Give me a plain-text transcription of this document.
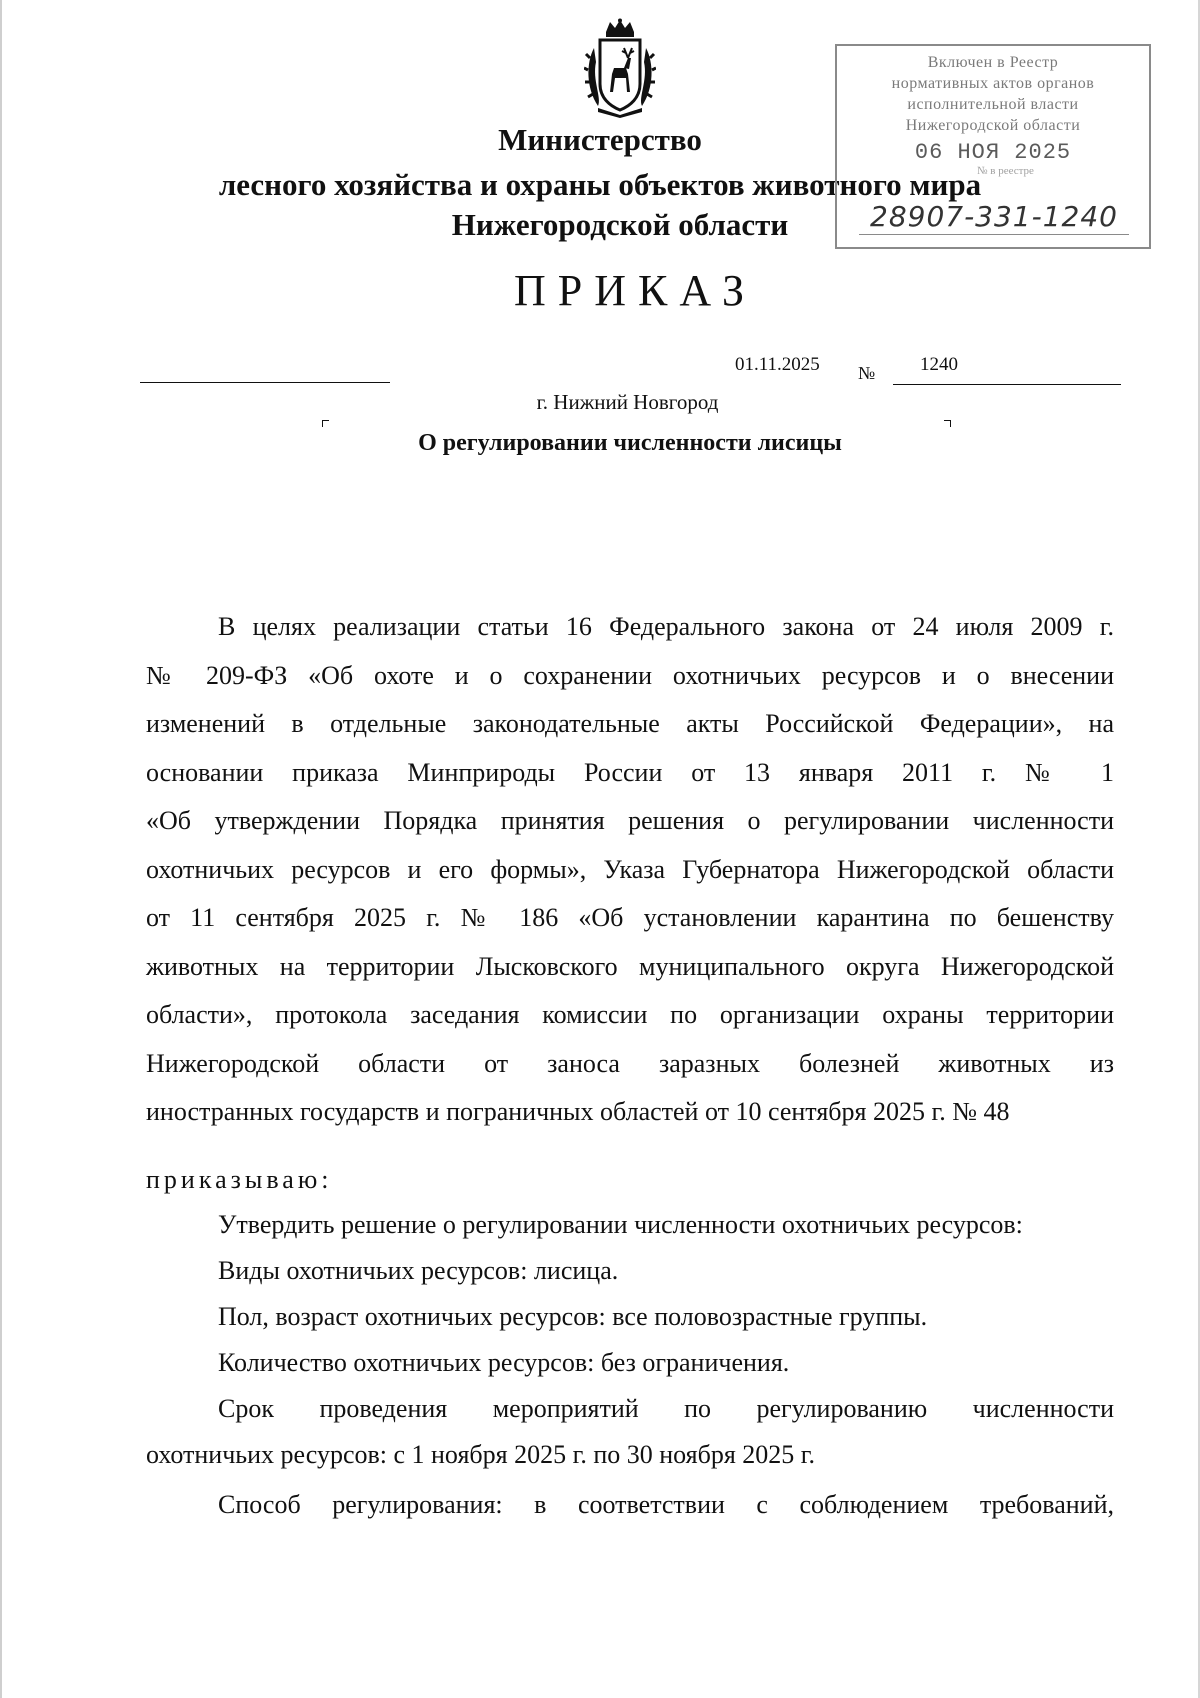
Министерство
лесного хозяйства и охраны объектов животного мира
Нижегородской области
Включен в Реестр
нормативных актов органов
исполнительной власти
Нижегородской области
06 НОЯ 2025
№ в реестре
28907-331-1240
ПРИКАЗ
01.11.2025 № 1240
г. Нижний Новгород
О регулировании численности лисицы
В целях реализации статьи 16 Федерального закона от 24 июля 2009 г.
№ 209-ФЗ «Об охоте и о сохранении охотничьих ресурсов и о внесении
изменений в отдельные законодательные акты Российской Федерации», на
основании приказа Минприроды России от 13 января 2011 г. № 1
«Об утверждении Порядка принятия решения о регулировании численности
охотничьих ресурсов и его формы», Указа Губернатора Нижегородской области
от 11 сентября 2025 г. № 186 «Об установлении карантина по бешенству
животных на территории Лысковского муниципального округа Нижегородской
области», протокола заседания комиссии по организации охраны территории
Нижегородской области от заноса заразных болезней животных из
иностранных государств и пограничных областей от 10 сентября 2025 г. № 48
приказываю:
Утвердить решение о регулировании численности охотничьих ресурсов:
Виды охотничьих ресурсов: лисица.
Пол, возраст охотничьих ресурсов: все половозрастные группы.
Количество охотничьих ресурсов: без ограничения.
Срок проведения мероприятий по регулированию численности
охотничьих ресурсов: с 1 ноября 2025 г. по 30 ноября 2025 г.
Способ регулирования: в соответствии с соблюдением требований,
